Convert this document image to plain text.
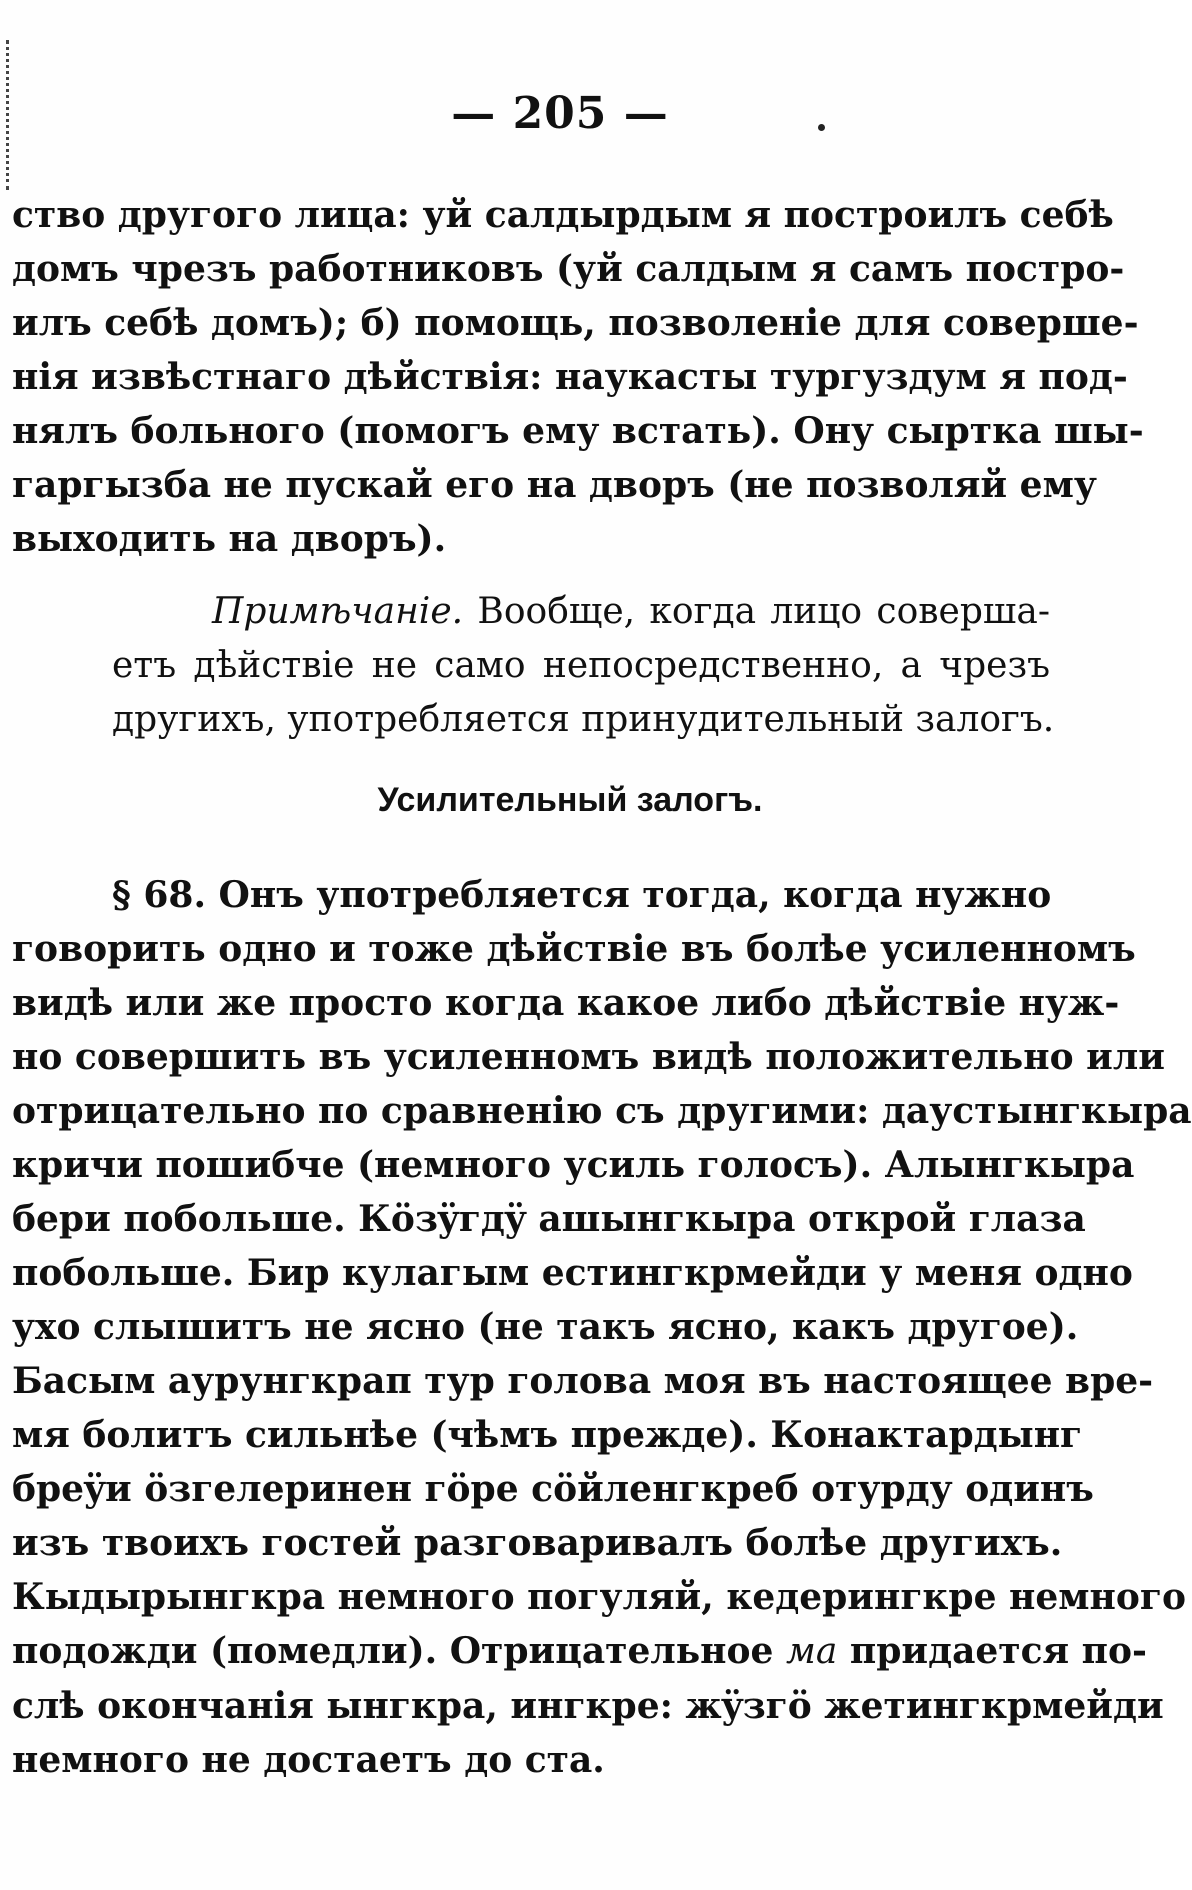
— 205 —
ство другого лица: уй салдырдым я построилъ себѣ
домъ чрезъ работниковъ (уй салдым я самъ постро-
илъ себѣ домъ); б) помощь, позволеніе для соверше-
нія извѣстнаго дѣйствія: наукасты тургуздум я под-
нялъ больного (помогъ ему встать). Ону сыртка шы-
гаргызба не пускай его на дворъ (не позволяй ему
выходить на дворъ).
Примѣчаніе. Вообще, когда лицо соверша-
етъ дѣйствіе не само непосредственно, а чрезъ
другихъ, употребляется принудительный залогъ.
Усилительный залогъ.
§ 68. Онъ употребляется тогда, когда нужно
говорить одно и тоже дѣйствіе въ болѣе усиленномъ
видѣ или же просто когда какое либо дѣйствіе нуж-
но совершить въ усиленномъ видѣ положительно или
отрицательно по сравненію съ другими: даустынгкыра
кричи пошибче (немного усиль голосъ). Алынгкыра
бери побольше. Кöзÿгдÿ ашынгкыра открой глаза
побольше. Бир кулагым естингкрмейди у меня одно
ухо слышитъ не ясно (не такъ ясно, какъ другое).
Басым аурунгкрап тур голова моя въ настоящее вре-
мя болитъ сильнѣе (чѣмъ прежде). Конактардынг
бреÿи öзгелеринен гöре сöйленгкреб отурду одинъ
изъ твоихъ гостей разговаривалъ болѣе другихъ.
Кыдырынгкра немного погуляй, кедерингкре немного
подожди (помедли). Отрицательное ма придается по-
слѣ окончанія ынгкра, ингкре: жÿзгö жетингкрмейди
немного не достаетъ до ста.
